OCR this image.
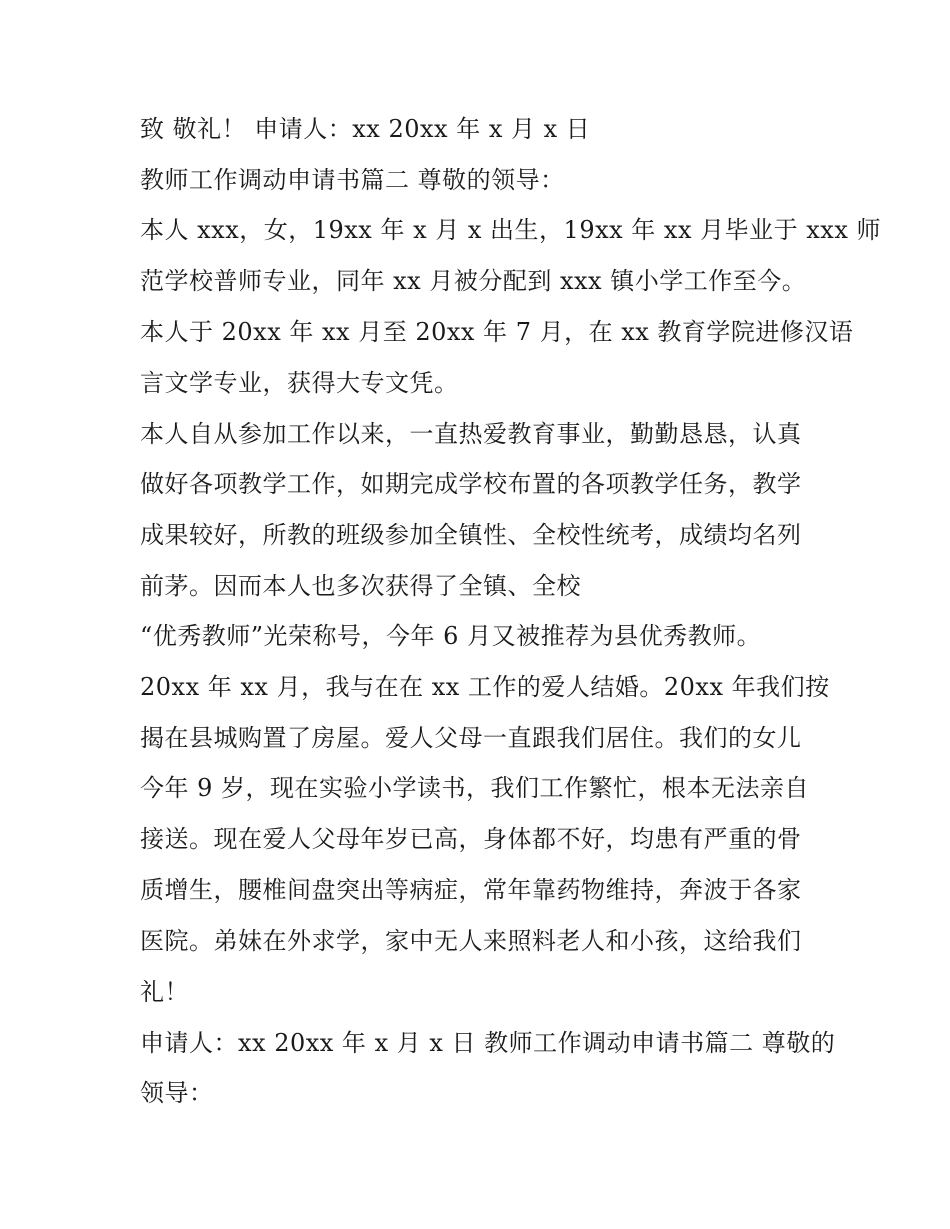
致 敬礼！ 申请人：xx 20xx 年 x 月 x 日
教师工作调动申请书篇二 尊敬的领导：
本人 xxx，女，19xx 年 x 月 x 出生，19xx 年 xx 月毕业于 xxx 师
范学校普师专业，同年 xx 月被分配到 xxx 镇小学工作至今。
本人于 20xx 年 xx 月至 20xx 年 7 月，在 xx 教育学院进修汉语
言文学专业，获得大专文凭。
本人自从参加工作以来，一直热爱教育事业，勤勤恳恳，认真
做好各项教学工作，如期完成学校布置的各项教学任务，教学
成果较好，所教的班级参加全镇性、全校性统考，成绩均名列
前茅。因而本人也多次获得了全镇、全校
“优秀教师”光荣称号，今年 6 月又被推荐为县优秀教师。
20xx 年 xx 月，我与在在 xx 工作的爱人结婚。20xx 年我们按
揭在县城购置了房屋。爱人父母一直跟我们居住。我们的女儿
今年 9 岁，现在实验小学读书，我们工作繁忙，根本无法亲自
接送。现在爱人父母年岁已高，身体都不好，均患有严重的骨
质增生，腰椎间盘突出等病症，常年靠药物维持，奔波于各家
医院。弟妹在外求学，家中无人来照料老人和小孩，这给我们
礼！
申请人：xx 20xx 年 x 月 x 日 教师工作调动申请书篇二 尊敬的
领导：
